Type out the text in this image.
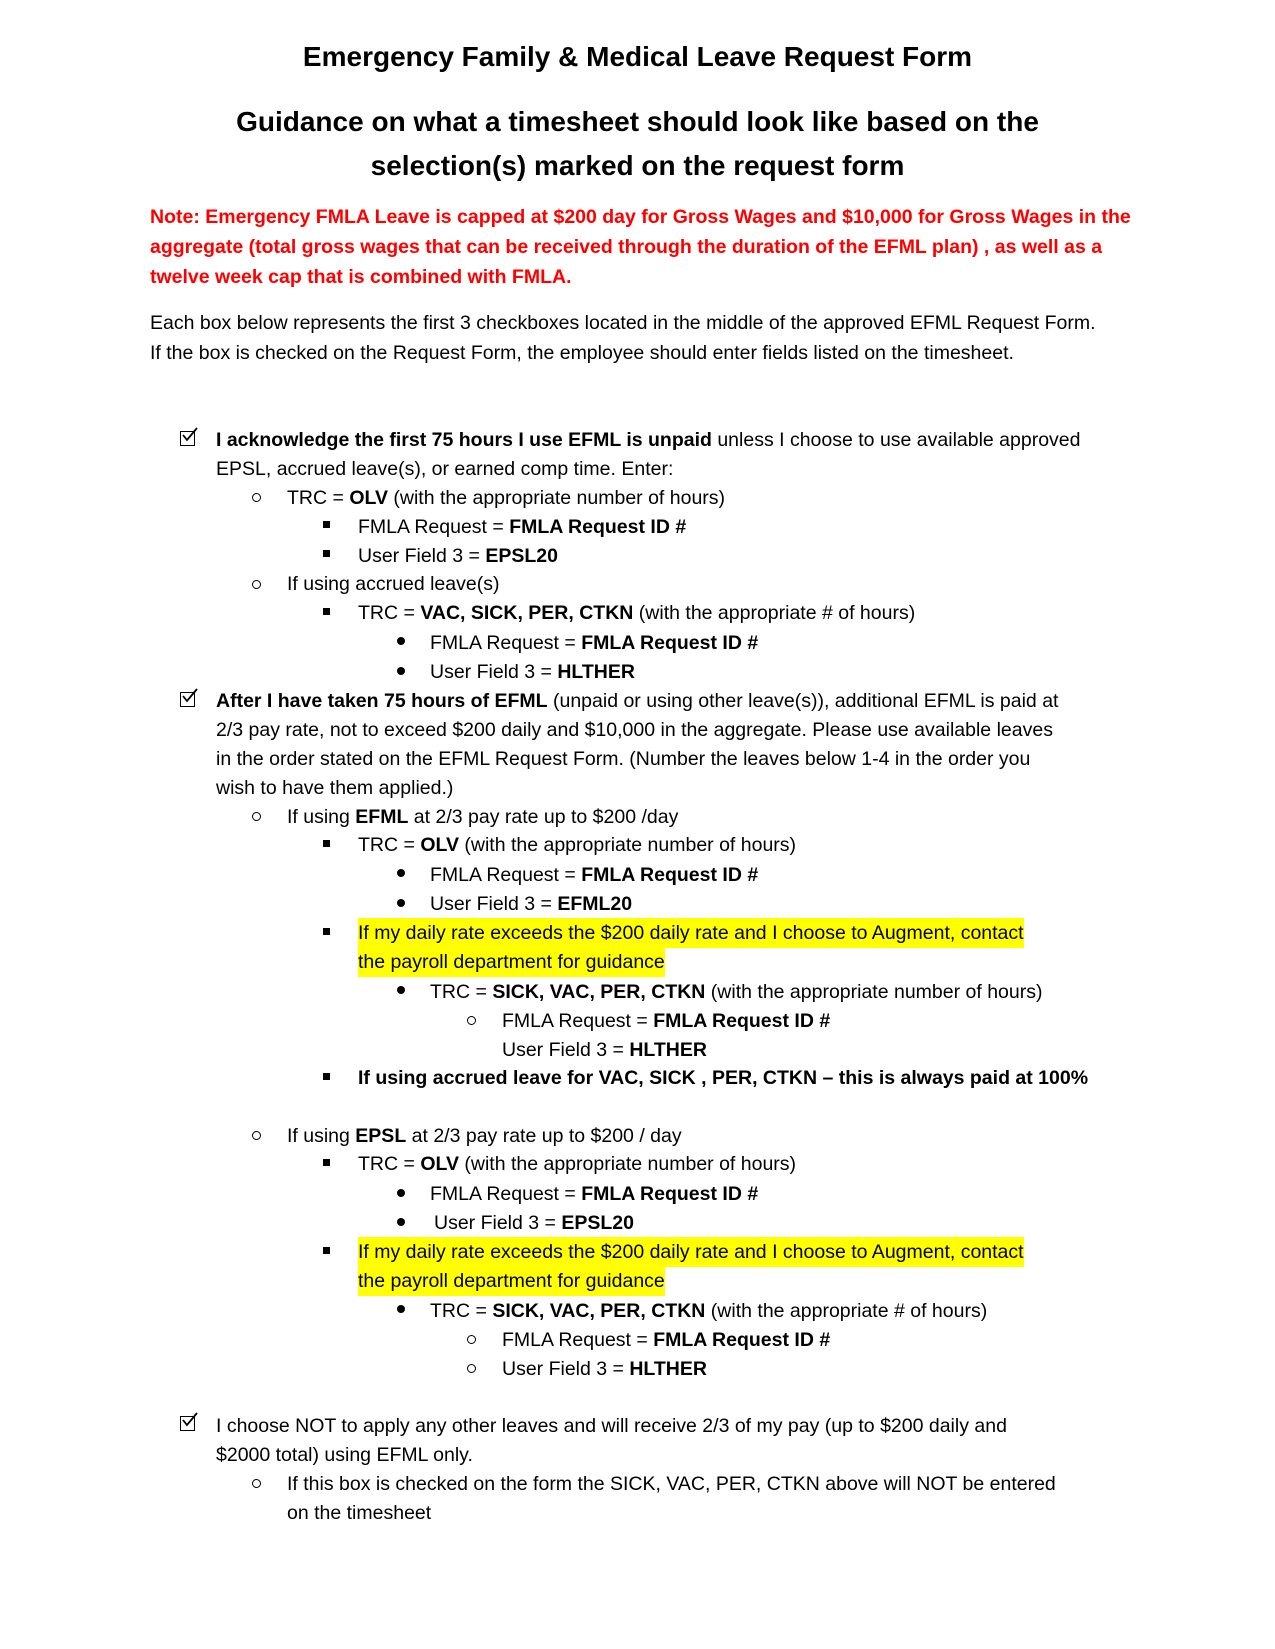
Emergency Family & Medical Leave Request Form
Guidance on what a timesheet should look like based on the
selection(s) marked on the request form

Note: Emergency FMLA Leave is capped at $200 day for Gross Wages and $10,000 for Gross Wages in the aggregate (total gross wages that can be received through the duration of the EFML plan) , as well as a twelve week cap that is combined with FMLA.

Each box below represents the first 3 checkboxes located in the middle of the approved EFML Request Form. If the box is checked on the Request Form, the employee should enter fields listed on the timesheet.

I acknowledge the first 75 hours I use EFML is unpaid unless I choose to use available approved
EPSL, accrued leave(s), or earned comp time. Enter:
TRC = OLV (with the appropriate number of hours)
FMLA Request = FMLA Request ID #
User Field 3 = EPSL20
If using accrued leave(s)
TRC = VAC, SICK, PER, CTKN (with the appropriate # of hours)
FMLA Request = FMLA Request ID #
User Field 3 = HLTHER
After I have taken 75 hours of EFML (unpaid or using other leave(s)), additional EFML is paid at
2/3 pay rate, not to exceed $200 daily and $10,000 in the aggregate. Please use available leaves
in the order stated on the EFML Request Form. (Number the leaves below 1-4 in the order you
wish to have them applied.)
If using EFML at 2/3 pay rate up to $200 /day
TRC = OLV (with the appropriate number of hours)
FMLA Request = FMLA Request ID #
User Field 3 = EFML20
If my daily rate exceeds the $200 daily rate and I choose to Augment, contact
the payroll department for guidance
TRC = SICK, VAC, PER, CTKN (with the appropriate number of hours)
FMLA Request = FMLA Request ID #
User Field 3 = HLTHER
If using accrued leave for VAC, SICK , PER, CTKN – this is always paid at 100%
If using EPSL at 2/3 pay rate up to $200 / day
TRC = OLV (with the appropriate number of hours)
FMLA Request = FMLA Request ID #
User Field 3 = EPSL20
If my daily rate exceeds the $200 daily rate and I choose to Augment, contact
the payroll department for guidance
TRC = SICK, VAC, PER, CTKN (with the appropriate # of hours)
FMLA Request = FMLA Request ID #
User Field 3 = HLTHER
I choose NOT to apply any other leaves and will receive 2/3 of my pay (up to $200 daily and
$2000 total) using EFML only.
If this box is checked on the form the SICK, VAC, PER, CTKN above will NOT be entered
on the timesheet
